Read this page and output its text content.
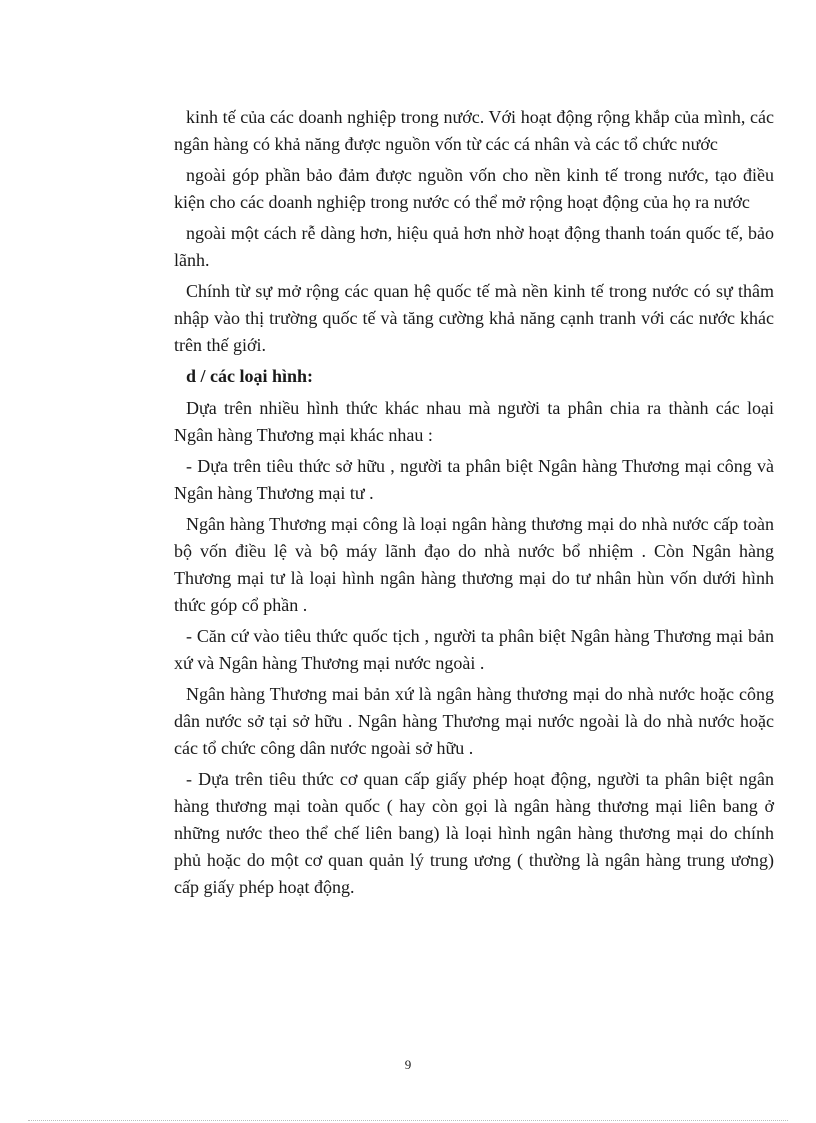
kinh tế của các doanh nghiệp trong nước. Với hoạt động rộng khắp của mình, các ngân hàng có khả năng được nguồn vốn từ các cá nhân và các tổ chức nước

ngoài góp phần bảo đảm được nguồn vốn cho nền kinh tế trong nước, tạo điều kiện cho các doanh nghiệp trong nước có thể mở rộng hoạt động của họ ra nước

ngoài một cách rễ dàng hơn, hiệu quả hơn nhờ hoạt động thanh toán quốc tế, bảo lãnh.

Chính từ sự mở rộng các quan hệ quốc tế mà nền kinh tế trong nước có sự thâm nhập vào thị trường quốc tế và tăng cường khả năng cạnh tranh với các nước khác trên thế giới.

d / các loại hình:

Dựa trên nhiều hình thức khác nhau mà người ta phân chia ra thành các loại Ngân hàng Thương mại khác nhau :

- Dựa trên tiêu thức sở hữu , người ta phân biệt Ngân hàng Thương mại công và Ngân hàng Thương mại tư .

Ngân hàng Thương mại công là loại ngân hàng thương mại do nhà nước cấp toàn bộ vốn điều lệ và bộ máy lãnh đạo do nhà nước bổ nhiệm . Còn Ngân hàng Thương mại tư là loại hình ngân hàng thương mại do tư nhân hùn vốn dưới hình thức góp cổ phần .

- Căn cứ vào tiêu thức quốc tịch , người ta phân biệt Ngân hàng Thương mại bản xứ và Ngân hàng Thương mại nước ngoài .

Ngân hàng Thương mai bản xứ là ngân hàng thương mại do nhà nước hoặc công dân nước sở tại sở hữu . Ngân hàng Thương mại nước ngoài là do nhà nước hoặc các tổ chức công dân nước ngoài sở hữu .

- Dựa trên tiêu thức cơ quan cấp giấy phép hoạt động, người ta phân biệt ngân hàng thương mại toàn quốc ( hay còn gọi là ngân hàng thương mại liên bang ở những nước theo thể chế liên bang) là loại hình ngân hàng thương mại do chính phủ hoặc do một cơ quan quản lý trung ương ( thường là ngân hàng trung ương) cấp giấy phép hoạt động.

9
